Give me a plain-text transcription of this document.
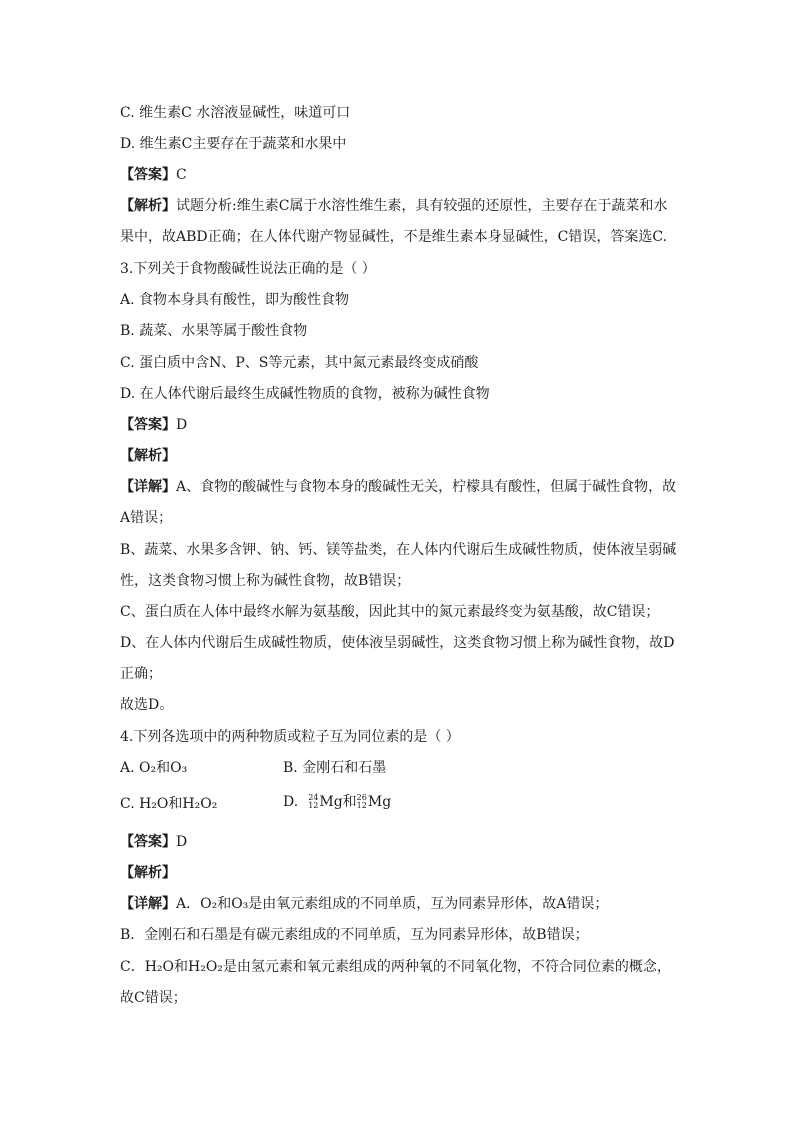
C. 维生素C 水溶液显碱性，味道可口
D. 维生素C主要存在于蔬菜和水果中
【答案】C
【解析】试题分析:维生素C属于水溶性维生素，具有较强的还原性，主要存在于蔬菜和水
果中，故ABD正确；在人体代谢产物显碱性，不是维生素本身显碱性，C错误，答案选C.
3.下列关于食物酸碱性说法正确的是（ ）
A. 食物本身具有酸性，即为酸性食物
B. 蔬菜、水果等属于酸性食物
C. 蛋白质中含N、P、S等元素，其中氮元素最终变成硝酸
D. 在人体代谢后最终生成碱性物质的食物，被称为碱性食物
【答案】D
【解析】
【详解】A、食物的酸碱性与食物本身的酸碱性无关，柠檬具有酸性，但属于碱性食物，故
A错误；
B、蔬菜、水果多含钾、钠、钙、镁等盐类，在人体内代谢后生成碱性物质，使体液呈弱碱
性，这类食物习惯上称为碱性食物，故B错误；
C、蛋白质在人体中最终水解为氨基酸，因此其中的氮元素最终变为氨基酸，故C错误；
D、在人体内代谢后生成碱性物质，使体液呈弱碱性，这类食物习惯上称为碱性食物，故D
正确；
故选D。
4.下列各选项中的两种物质或粒子互为同位素的是（ ）
A. O₂和O₃	B. 金刚石和石墨
C. H₂O和H₂O₂	D. 24
12 Mg 和 26
12 Mg
【答案】D
【解析】
【详解】A．O₂和O₃是由氧元素组成的不同单质，互为同素异形体，故A错误；
B．金刚石和石墨是有碳元素组成的不同单质，互为同素异形体，故B错误；
C．H₂O和H₂O₂是由氢元素和氧元素组成的两种氧的不同氧化物，不符合同位素的概念，
故C错误；
